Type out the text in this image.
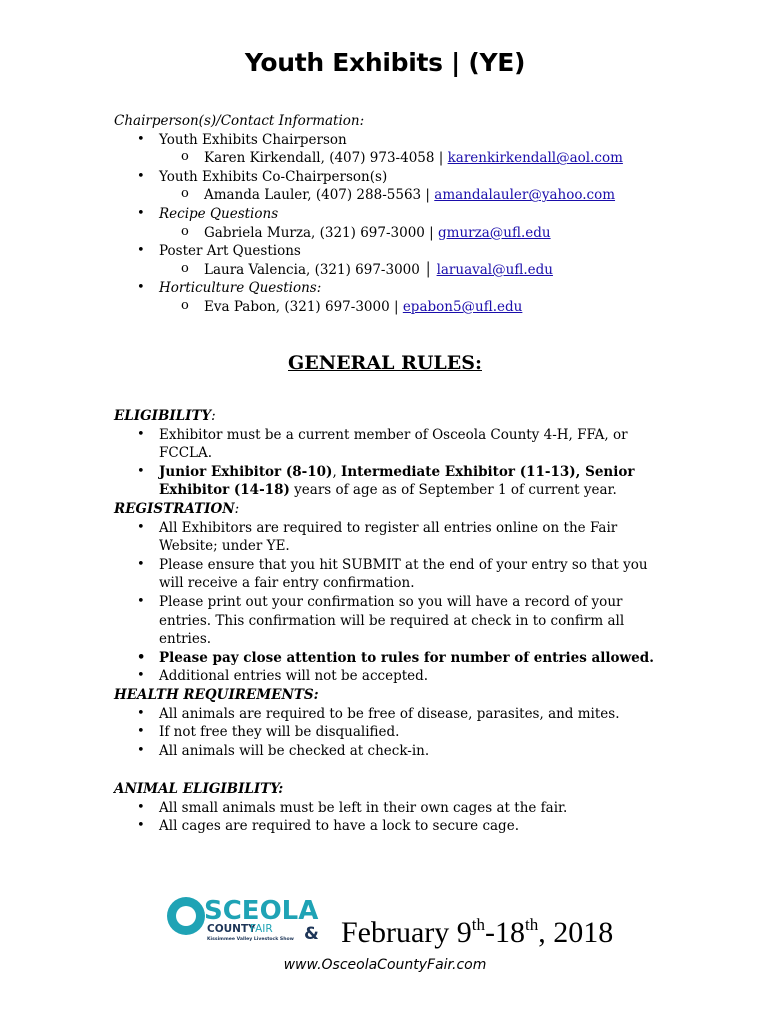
Youth Exhibits | (YE)
Chairperson(s)/Contact Information:
• Youth Exhibits Chairperson
o Karen Kirkendall, (407) 973-4058 | karenkirkendall@aol.com
• Youth Exhibits Co-Chairperson(s)
o Amanda Lauler, (407) 288-5563 | amandalauler@yahoo.com
• Recipe Questions
o Gabriela Murza, (321) 697-3000 | gmurza@ufl.edu
• Poster Art Questions
o Laura Valencia, (321) 697-3000 │ laruaval@ufl.edu
• Horticulture Questions:
o Eva Pabon, (321) 697-3000 | epabon5@ufl.edu
GENERAL RULES:
ELIGIBILITY:
• Exhibitor must be a current member of Osceola County 4-H, FFA, or FCCLA.
• Junior Exhibitor (8-10), Intermediate Exhibitor (11-13), Senior Exhibitor (14-18) years of age as of September 1 of current year.
REGISTRATION:
• All Exhibitors are required to register all entries online on the Fair Website; under YE.
• Please ensure that you hit SUBMIT at the end of your entry so that you will receive a fair entry confirmation.
• Please print out your confirmation so you will have a record of your entries. This confirmation will be required at check in to confirm all entries.
• Please pay close attention to rules for number of entries allowed.
• Additional entries will not be accepted.
HEALTH REQUIREMENTS:
• All animals are required to be free of disease, parasites, and mites.
• If not free they will be disqualified.
• All animals will be checked at check-in.
ANIMAL ELIGIBILITY:
• All small animals must be left in their own cages at the fair.
• All cages are required to have a lock to secure cage.
SCEOLA
COUNTY
FAIR
Kissimmee Valley Livestock Show & February 9th-18th, 2018
www.OsceolaCountyFair.com
